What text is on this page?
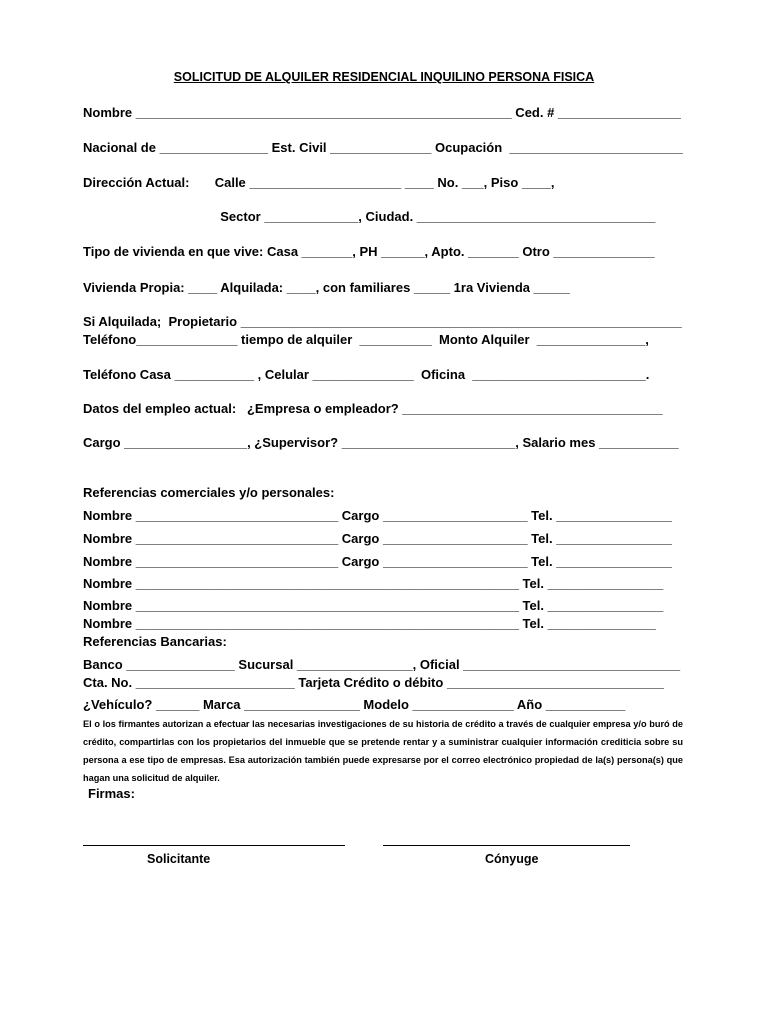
SOLICITUD DE ALQUILER RESIDENCIAL INQUILINO PERSONA FISICA
Nombre ____________________________________________________ Ced. # _________________
Nacional de _______________ Est. Civil ______________ Ocupación  ________________________
Dirección Actual:       Calle _____________________ ____ No. ___, Piso ____,
Sector _____________, Ciudad. _________________________________
Tipo de vivienda en que vive: Casa _______, PH ______, Apto. _______ Otro ______________
Vivienda Propia: ____ Alquilada: ____, con familiares _____ 1ra Vivienda _____
Si Alquilada;  Propietario _____________________________________________________________
Teléfono______________ tiempo de alquiler  __________  Monto Alquiler  _______________,
Teléfono Casa ___________ , Celular ______________  Oficina  ________________________.
Datos del empleo actual:   ¿Empresa o empleador? ____________________________________
Cargo _________________, ¿Supervisor? ________________________, Salario mes ___________
Referencias comerciales y/o personales:
Nombre ____________________________ Cargo ____________________ Tel. ________________
Nombre ____________________________ Cargo ____________________ Tel. ________________
Nombre ____________________________ Cargo ____________________ Tel. ________________
Nombre _____________________________________________________ Tel. ________________
Nombre _____________________________________________________ Tel. ________________
Nombre _____________________________________________________ Tel. _______________
Referencias Bancarias:
Banco _______________ Sucursal ________________, Oficial ______________________________
Cta. No. ______________________ Tarjeta Crédito o débito ______________________________
¿Vehículo? ______ Marca ________________ Modelo ______________ Año ___________
El o los firmantes autorizan a efectuar las necesarias investigaciones de su historia de crédito a través de cualquier empresa y/o buró de crédito, compartirlas con los propietarios del inmueble que se pretende rentar y a suministrar cualquier información crediticia sobre su persona a ese tipo de empresas. Esa autorización también puede expresarse por el correo electrónico propiedad de la(s) persona(s) que hagan una solicitud de alquiler.
Firmas:
Solicitante	Cónyuge
